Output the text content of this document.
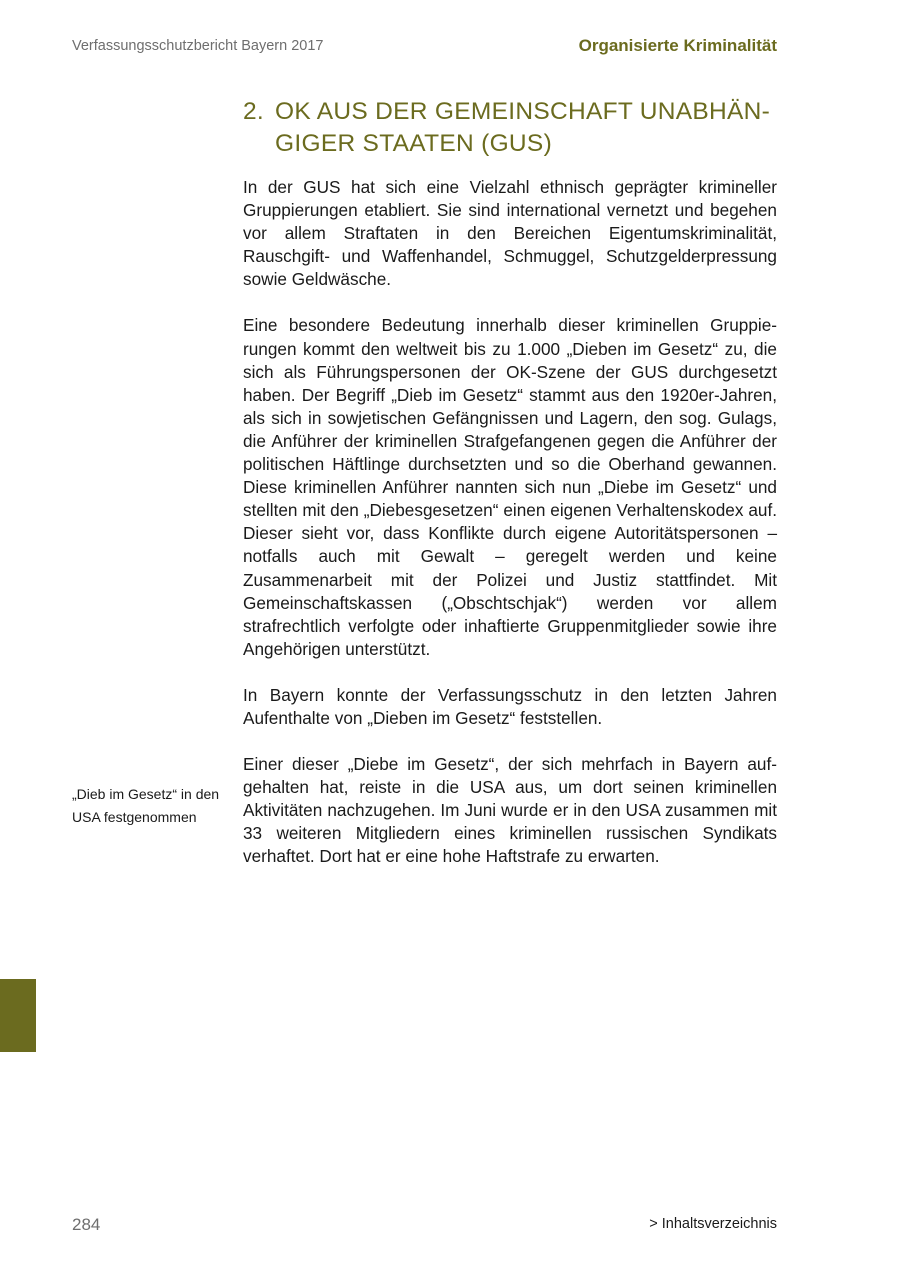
Verfassungsschutzbericht Bayern 2017	Organisierte Kriminalität
2. OK AUS DER GEMEINSCHAFT UNABHÄN-
GIGER STAATEN (GUS)

In der GUS hat sich eine Vielzahl ethnisch geprägter krimineller Gruppierungen etabliert. Sie sind international vernetzt und begehen vor allem Straftaten in den Bereichen Eigentumskriminalität, Rauschgift- und Waffenhandel, Schmuggel, Schutzgelderpressung sowie Geldwäsche.

Eine besondere Bedeutung innerhalb dieser kriminellen Gruppierungen kommt den weltweit bis zu 1.000 „Dieben im Gesetz“ zu, die sich als Führungspersonen der OK-Szene der GUS durchgesetzt haben. Der Begriff „Dieb im Gesetz“ stammt aus den 1920er-Jahren, als sich in sowjetischen Gefängnissen und Lagern, den sog. Gulags, die Anführer der kriminellen Strafgefangenen gegen die Anführer der politischen Häftlinge durchsetzten und so die Oberhand gewannen. Diese kriminellen Anführer nannten sich nun „Diebe im Gesetz“ und stellten mit den „Diebesgesetzen“ einen eigenen Verhaltenskodex auf. Dieser sieht vor, dass Konflikte durch eigene Autoritätspersonen – notfalls auch mit Gewalt – geregelt werden und keine Zusammenarbeit mit der Polizei und Justiz stattfindet. Mit Gemeinschaftskassen („Obschtschjak“) werden vor allem strafrechtlich verfolgte oder inhaftierte Gruppenmitglieder sowie ihre Angehörigen unterstützt.

In Bayern konnte der Verfassungsschutz in den letzten Jahren Aufenthalte von „Dieben im Gesetz“ feststellen.

Einer dieser „Diebe im Gesetz“, der sich mehrfach in Bayern aufgehalten hat, reiste in die USA aus, um dort seinen kriminellen Aktivitäten nachzugehen. Im Juni wurde er in den USA zusammen mit 33 weiteren Mitgliedern eines kriminellen russischen Syndikats verhaftet. Dort hat er eine hohe Haftstrafe zu erwarten.

„Dieb im Gesetz“ in den USA festgenommen
284	> Inhaltsverzeichnis
